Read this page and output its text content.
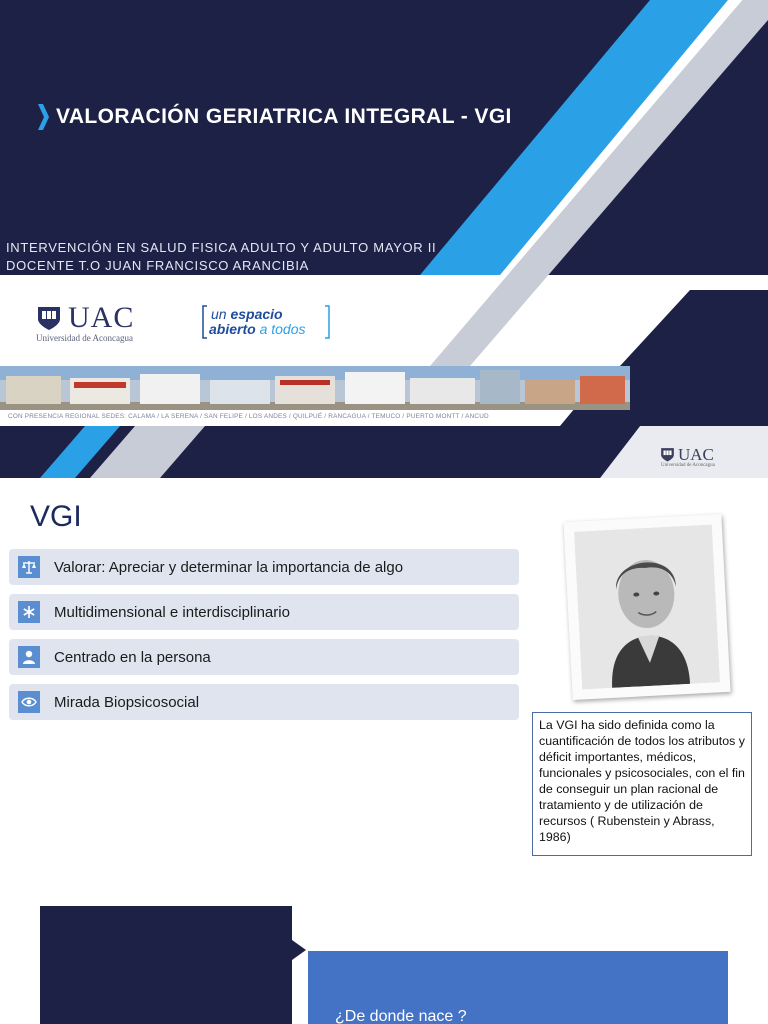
VALORACIÓN GERIATRICA INTEGRAL - VGI
INTERVENCIÓN EN SALUD FISICA ADULTO Y ADULTO MAYOR II
DOCENTE T.O JUAN FRANCISCO ARANCIBIA
UAC
Universidad de Aconcagua
un espacio
abierto a todos
CON PRESENCIA REGIONAL SEDES: CALAMA / LA SERENA / SAN FELIPE / LOS ANDES / QUILPUÉ / RANCAGUA / TEMUCO / PUERTO MONTT / ANCUD
UAC
Universidad de Aconcagua
VGI
Valorar: Apreciar y determinar la importancia de algo
Multidimensional e interdisciplinario
Centrado en la persona
Mirada Biopsicosocial
La VGI ha sido definida como la cuantificación de todos los atributos y déficit importantes, médicos, funcionales y psicosociales, con el fin de conseguir un plan racional de tratamiento y de utilización de recursos ( Rubenstein y Abrass, 1986)
¿De donde nace ?
